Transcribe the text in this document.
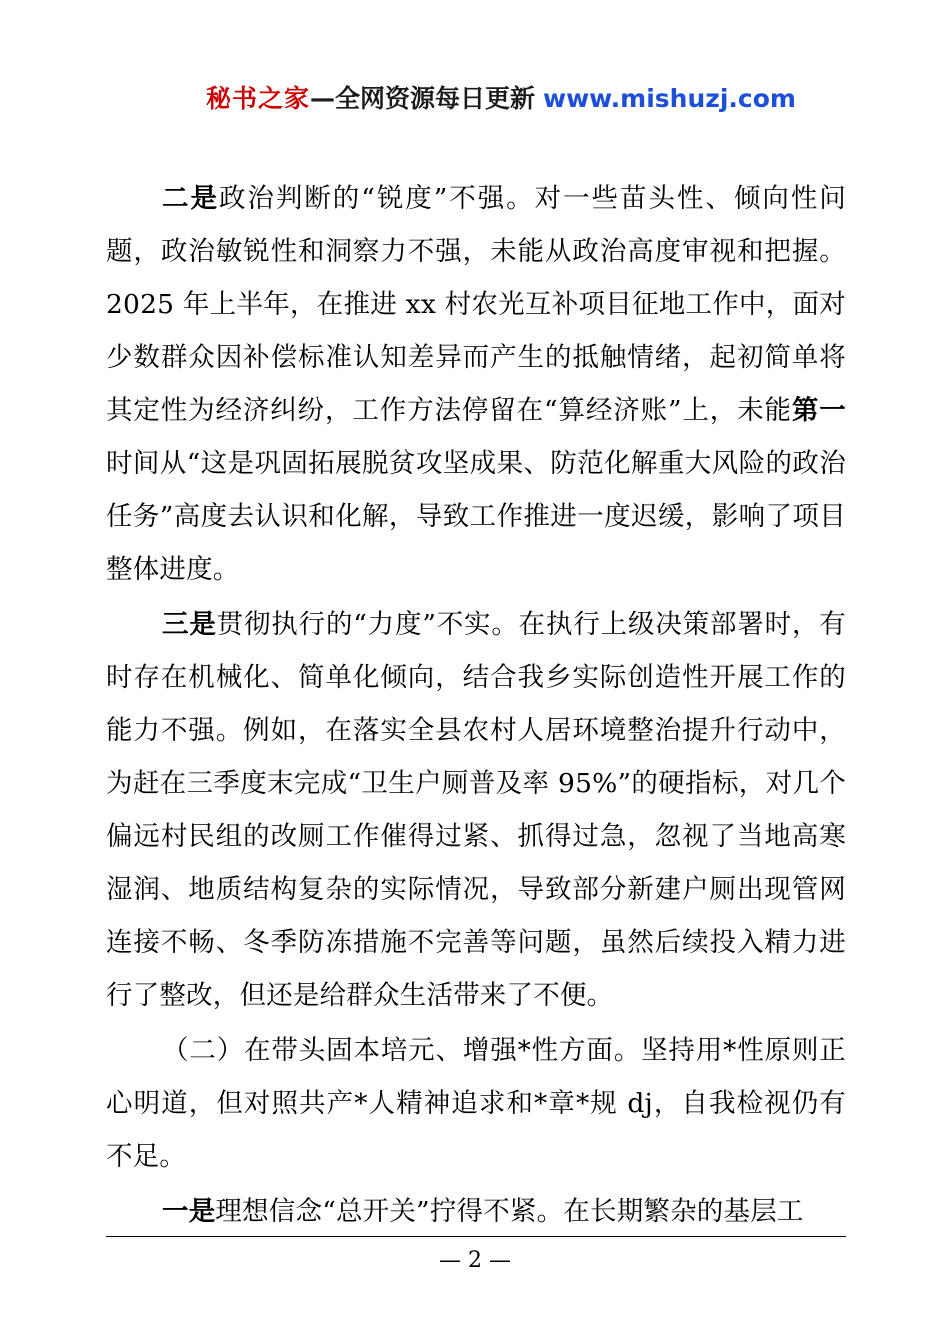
秘书之家—全网资源每日更新 www.mishuzj.com

二是政治判断的“锐度”不强。对一些苗头性、倾向性问题，政治敏锐性和洞察力不强，未能从政治高度审视和把握。2025 年上半年，在推进 xx 村农光互补项目征地工作中，面对少数群众因补偿标准认知差异而产生的抵触情绪，起初简单将其定性为经济纠纷，工作方法停留在“算经济账”上，未能第一时间从“这是巩固拓展脱贫攻坚成果、防范化解重大风险的政治任务”高度去认识和化解，导致工作推进一度迟缓，影响了项目整体进度。

三是贯彻执行的“力度”不实。在执行上级决策部署时，有时存在机械化、简单化倾向，结合我乡实际创造性开展工作的能力不强。例如，在落实全县农村人居环境整治提升行动中，为赶在三季度末完成“卫生户厕普及率 95%”的硬指标，对几个偏远村民组的改厕工作催得过紧、抓得过急，忽视了当地高寒湿润、地质结构复杂的实际情况，导致部分新建户厕出现管网连接不畅、冬季防冻措施不完善等问题，虽然后续投入精力进行了整改，但还是给群众生活带来了不便。

（二）在带头固本培元、增强*性方面。坚持用*性原则正心明道，但对照共产*人精神追求和*章*规 dj，自我检视仍有不足。

一是理想信念“总开关”拧得不紧。在长期繁杂的基层工

— 2 —
